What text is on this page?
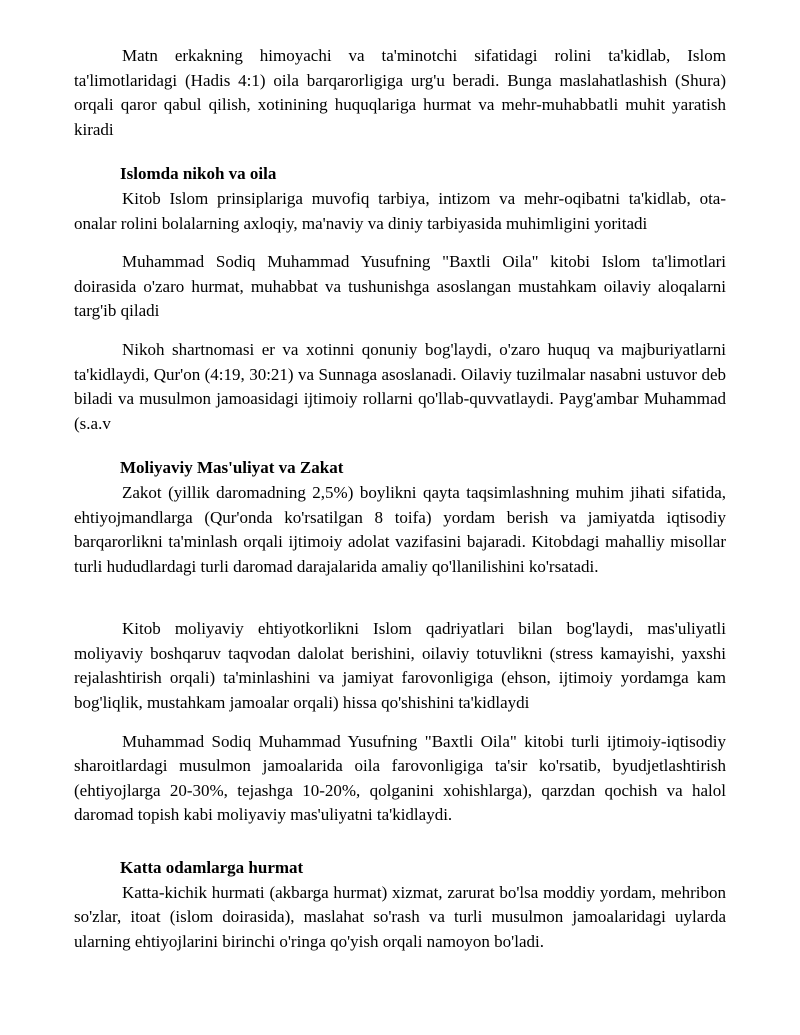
Matn erkakning himoyachi va ta'minotchi sifatidagi rolini ta'kidlab, Islom ta'limotlaridagi (Hadis 4:1) oila barqarorligiga urg'u beradi. Bunga maslahatlashish (Shura) orqali qaror qabul qilish, xotinining huquqlariga hurmat va mehr-muhabbatli muhit yaratish kiradi

Islomda nikoh va oila

Kitob Islom prinsiplariga muvofiq tarbiya, intizom va mehr-oqibatni ta'kidlab, ota-onalar rolini bolalarning axloqiy, ma'naviy va diniy tarbiyasida muhimligini yoritadi

Muhammad Sodiq Muhammad Yusufning "Baxtli Oila" kitobi Islom ta'limotlari doirasida o'zaro hurmat, muhabbat va tushunishga asoslangan mustahkam oilaviy aloqalarni targ'ib qiladi

Nikoh shartnomasi er va xotinni qonuniy bog'laydi, o'zaro huquq va majburiyatlarni ta'kidlaydi, Qur'on (4:19, 30:21) va Sunnaga asoslanadi. Oilaviy tuzilmalar nasabni ustuvor deb biladi va musulmon jamoasidagi ijtimoiy rollarni qo'llab-quvvatlaydi. Payg'ambar Muhammad (s.a.v

Moliyaviy Mas'uliyat va Zakat

Zakot (yillik daromadning 2,5%) boylikni qayta taqsimlashning muhim jihati sifatida, ehtiyojmandlarga (Qur'onda ko'rsatilgan 8 toifa) yordam berish va jamiyatda iqtisodiy barqarorlikni ta'minlash orqali ijtimoiy adolat vazifasini bajaradi. Kitobdagi mahalliy misollar turli hududlardagi turli daromad darajalarida amaliy qo'llanilishini ko'rsatadi.

Kitob moliyaviy ehtiyotkorlikni Islom qadriyatlari bilan bog'laydi, mas'uliyatli moliyaviy boshqaruv taqvodan dalolat berishini, oilaviy totuvlikni (stress kamayishi, yaxshi rejalashtirish orqali) ta'minlashini va jamiyat farovonligiga (ehson, ijtimoiy yordamga kam bog'liqlik, mustahkam jamoalar orqali) hissa qo'shishini ta'kidlaydi

Muhammad Sodiq Muhammad Yusufning "Baxtli Oila" kitobi turli ijtimoiy-iqtisodiy sharoitlardagi musulmon jamoalarida oila farovonligiga ta'sir ko'rsatib, byudjetlashtirish (ehtiyojlarga 20-30%, tejashga 10-20%, qolganini xohishlarga), qarzdan qochish va halol daromad topish kabi moliyaviy mas'uliyatni ta'kidlaydi.

Katta odamlarga hurmat

Katta-kichik hurmati (akbarga hurmat) xizmat, zarurat bo'lsa moddiy yordam, mehribon so'zlar, itoat (islom doirasida), maslahat so'rash va turli musulmon jamoalaridagi uylarda ularning ehtiyojlarini birinchi o'ringa qo'yish orqali namoyon bo'ladi.
